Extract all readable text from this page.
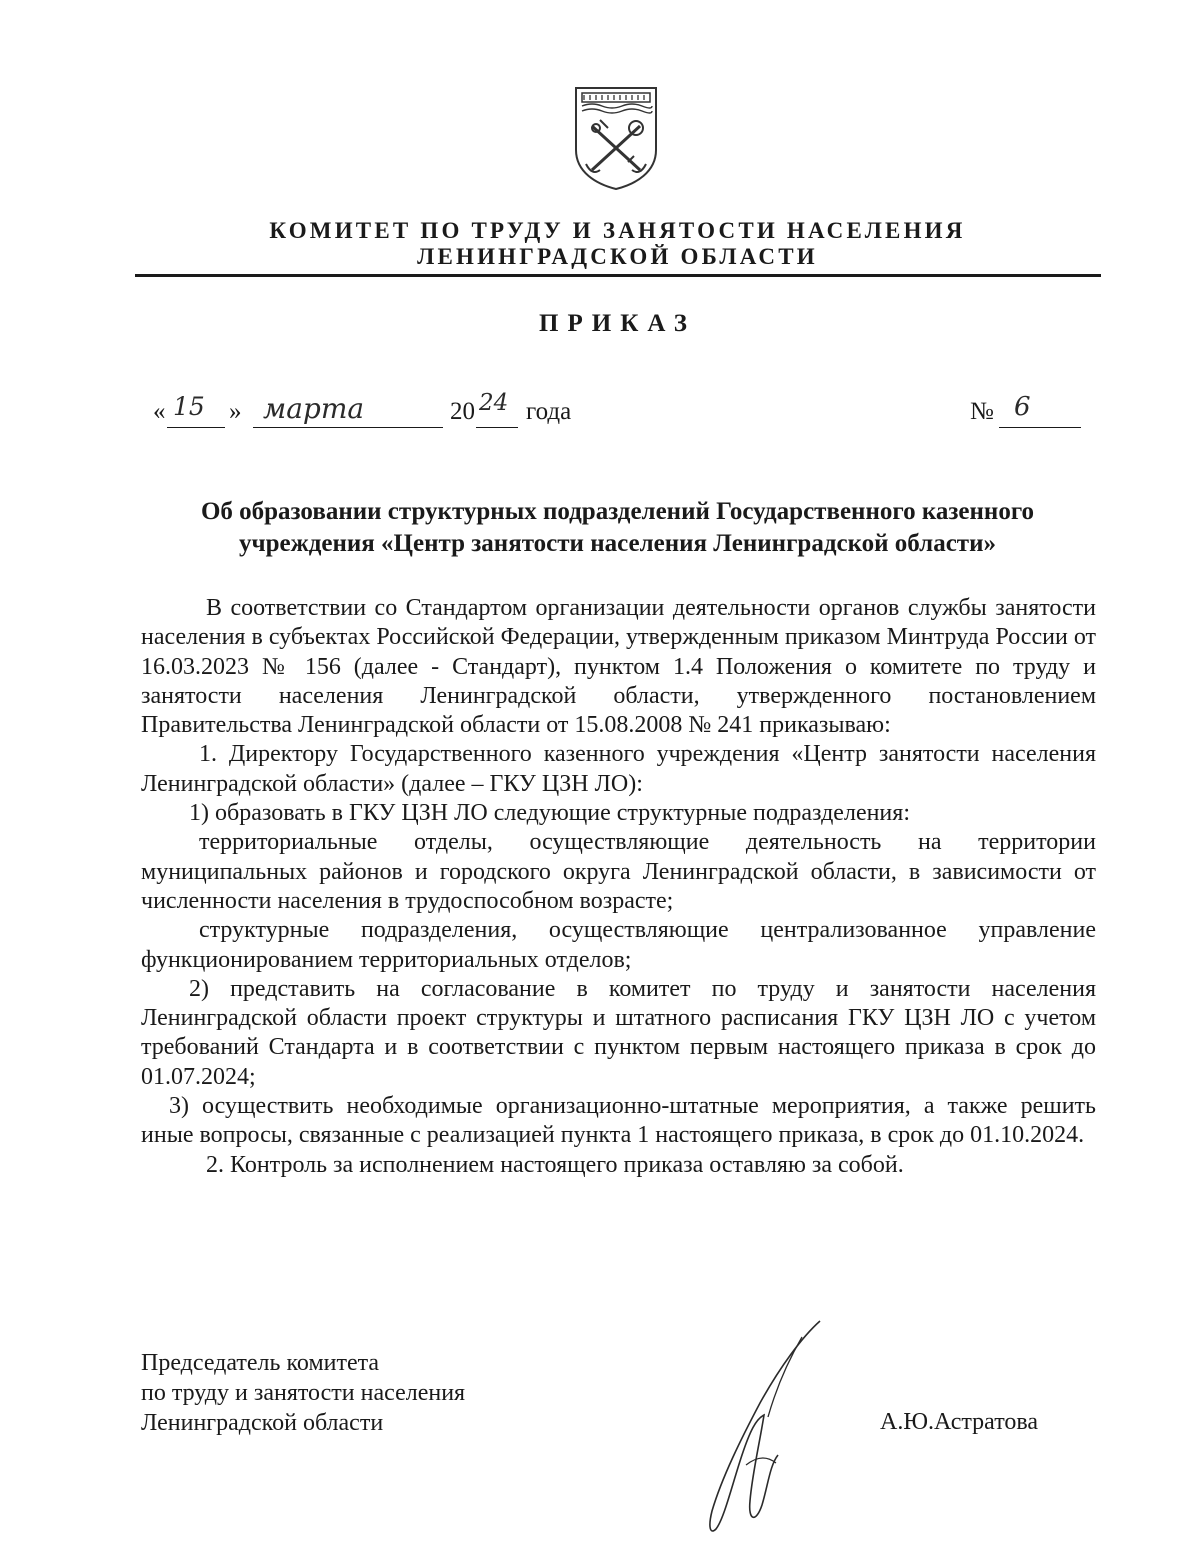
КОМИТЕТ ПО ТРУДУ И ЗАНЯТОСТИ НАСЕЛЕНИЯ
ЛЕНИНГРАДСКОЙ ОБЛАСТИ
ПРИКАЗ
« 15 » марта	20 24 года	№ 6
Об образовании структурных подразделений Государственного казенного
учреждения «Центр занятости населения Ленинградской области»

В соответствии со Стандартом организации деятельности органов службы занятости населения в субъектах Российской Федерации, утвержденным приказом Минтруда России от 16.03.2023 № 156 (далее - Стандарт), пунктом 1.4 Положения о комитете по труду и занятости населения Ленинградской области, утвержденного постановлением Правительства Ленинградской области от 15.08.2008 № 241 приказываю:

1. Директору Государственного казенного учреждения «Центр занятости населения Ленинградской области» (далее – ГКУ ЦЗН ЛО):

1) образовать в ГКУ ЦЗН ЛО следующие структурные подразделения:

территориальные отделы, осуществляющие деятельность на территории муниципальных районов и городского округа Ленинградской области, в зависимости от численности населения в трудоспособном возрасте;

структурные подразделения, осуществляющие централизованное управление функционированием территориальных отделов;

2) представить на согласование в комитет по труду и занятости населения Ленинградской области проект структуры и штатного расписания ГКУ ЦЗН ЛО с учетом требований Стандарта и в соответствии с пунктом первым настоящего приказа в срок до 01.07.2024;

3) осуществить необходимые организационно-штатные мероприятия, а также решить иные вопросы, связанные с реализацией пункта 1 настоящего приказа, в срок до 01.10.2024.

2. Контроль за исполнением настоящего приказа оставляю за собой.

Председатель комитета
по труду и занятости населения
Ленинградской области	А.Ю.Астратова
